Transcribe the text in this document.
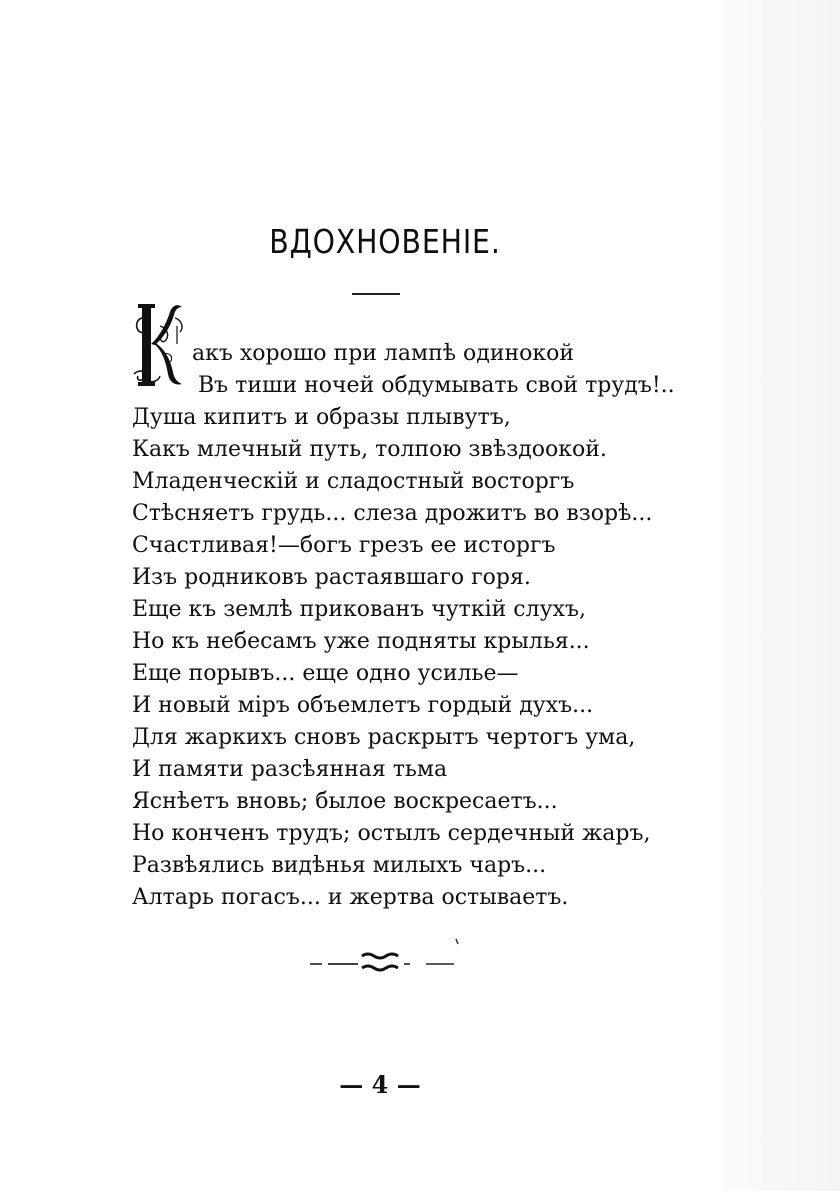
ВДОХНОВЕНІЕ.
К
акъ хорошо при лампѣ одинокой
Въ тиши ночей обдумывать свой трудъ!..
Душа кипитъ и образы плывутъ,
Какъ млечный путь, толпою звѣздоокой.
Младенческій и сладостный восторгъ
Стѣсняетъ грудь... слеза дрожитъ во взорѣ...
Счастливая!—богъ грезъ ее исторгъ
Изъ родниковъ растаявшаго горя.
Еще къ землѣ прикованъ чуткій слухъ,
Но къ небесамъ уже подняты крылья...
Еще порывъ... еще одно усилье—
И новый міръ объемлетъ гордый духъ...
Для жаркихъ сновъ раскрытъ чертогъ ума,
И памяти разсѣянная тьма
Яснѣетъ вновь; былое воскресаетъ...
Но конченъ трудъ; остылъ сердечный жаръ,
Развѣялись видѣнья милыхъ чаръ...
Алтарь погасъ... и жертва остываетъ.
— 4 —
